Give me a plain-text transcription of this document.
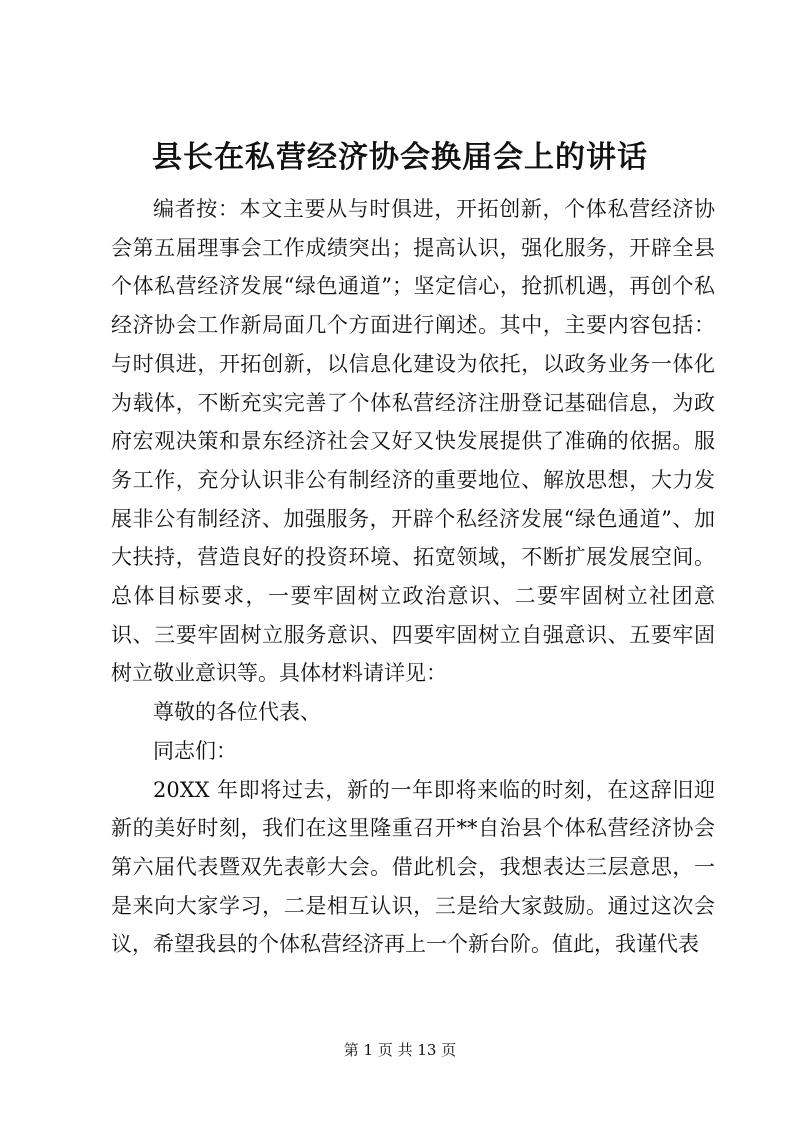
县长在私营经济协会换届会上的讲话

编者按：本文主要从与时俱进，开拓创新，个体私营经济协会第五届理事会工作成绩突出；提高认识，强化服务，开辟全县个体私营经济发展“绿色通道”；坚定信心，抢抓机遇，再创个私经济协会工作新局面几个方面进行阐述。其中，主要内容包括：与时俱进，开拓创新，以信息化建设为依托，以政务业务一体化为载体，不断充实完善了个体私营经济注册登记基础信息，为政府宏观决策和景东经济社会又好又快发展提供了准确的依据。服务工作，充分认识非公有制经济的重要地位、解放思想，大力发展非公有制经济、加强服务，开辟个私经济发展“绿色通道”、加大扶持，营造良好的投资环境、拓宽领域，不断扩展发展空间。总体目标要求，一要牢固树立政治意识、二要牢固树立社团意识、三要牢固树立服务意识、四要牢固树立自强意识、五要牢固树立敬业意识等。具体材料请详见：

尊敬的各位代表、

同志们：

20XX 年即将过去，新的一年即将来临的时刻，在这辞旧迎新的美好时刻，我们在这里隆重召开**自治县个体私营经济协会第六届代表暨双先表彰大会。借此机会，我想表达三层意思，一是来向大家学习，二是相互认识，三是给大家鼓励。通过这次会议，希望我县的个体私营经济再上一个新台阶。值此，我谨代表

第 1 页 共 13 页
